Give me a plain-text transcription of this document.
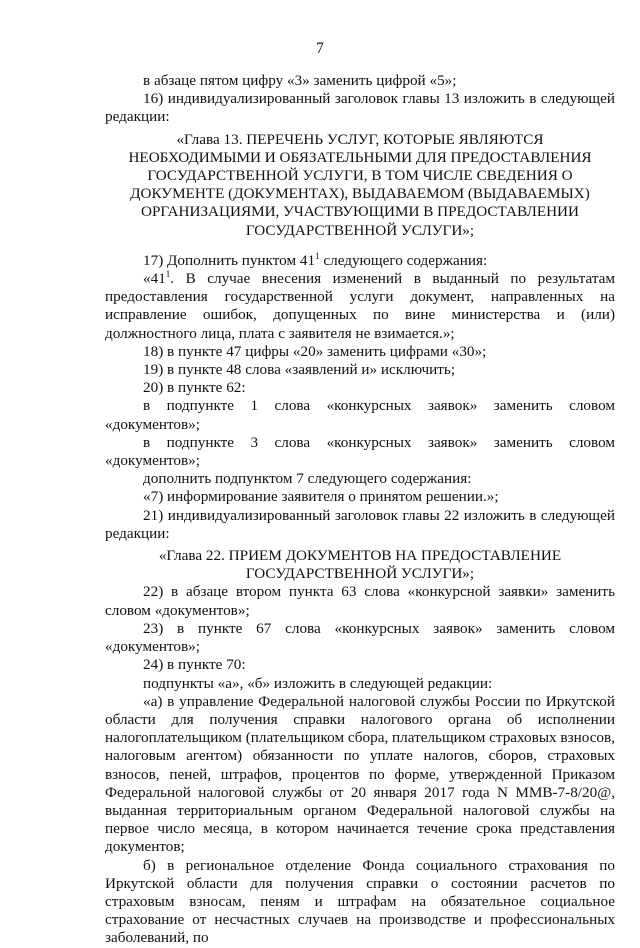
7

в абзаце пятом цифру «3» заменить цифрой «5»;

16) индивидуализированный заголовок главы 13 изложить в следующей редакции:

«Глава 13. ПЕРЕЧЕНЬ УСЛУГ, КОТОРЫЕ ЯВЛЯЮТСЯ

НЕОБХОДИМЫМИ И ОБЯЗАТЕЛЬНЫМИ ДЛЯ ПРЕДОСТАВЛЕНИЯ

ГОСУДАРСТВЕННОЙ УСЛУГИ, В ТОМ ЧИСЛЕ СВЕДЕНИЯ О

ДОКУМЕНТЕ (ДОКУМЕНТАХ), ВЫДАВАЕМОМ (ВЫДАВАЕМЫХ)

ОРГАНИЗАЦИЯМИ, УЧАСТВУЮЩИМИ В ПРЕДОСТАВЛЕНИИ

ГОСУДАРСТВЕННОЙ УСЛУГИ»;

17) Дополнить пунктом $41^1$ следующего содержания:

«$41^1$. В случае внесения изменений в выданный по результатам предоставления государственной услуги документ, направленных на исправление ошибок, допущенных по вине министерства и (или) должностного лица, плата с заявителя не взимается.»;

18) в пункте 47 цифры «20» заменить цифрами «30»;

19) в пункте 48 слова «заявлений и» исключить;

20) в пункте 62:

в подпункте 1 слова «конкурсных заявок» заменить словом «документов»;

в подпункте 3 слова «конкурсных заявок» заменить словом «документов»;

дополнить подпунктом 7 следующего содержания:

«7) информирование заявителя о принятом решении.»;

21) индивидуализированный заголовок главы 22 изложить в следующей редакции:

«Глава 22. ПРИЕМ ДОКУМЕНТОВ НА ПРЕДОСТАВЛЕНИЕ

ГОСУДАРСТВЕННОЙ УСЛУГИ»;

22) в абзаце втором пункта 63 слова «конкурсной заявки» заменить словом «документов»;

23) в пункте 67 слова «конкурсных заявок» заменить словом «документов»;

24) в пункте 70:

подпункты «а», «б» изложить в следующей редакции:

«а) в управление Федеральной налоговой службы России по Иркутской области для получения справки налогового органа об исполнении налогоплательщиком (плательщиком сбора, плательщиком страховых взносов, налоговым агентом) обязанности по уплате налогов, сборов, страховых взносов, пеней, штрафов, процентов по форме, утвержденной Приказом Федеральной налоговой службы от 20 января 2017 года N ММВ-7-8/20@, выданная территориальным органом Федеральной налоговой службы на первое число месяца, в котором начинается течение срока представления документов;

б) в региональное отделение Фонда социального страхования по Иркутской области для получения справки о состоянии расчетов по страховым взносам, пеням и штрафам на обязательное социальное страхование от несчастных случаев на производстве и профессиональных заболеваний, по
